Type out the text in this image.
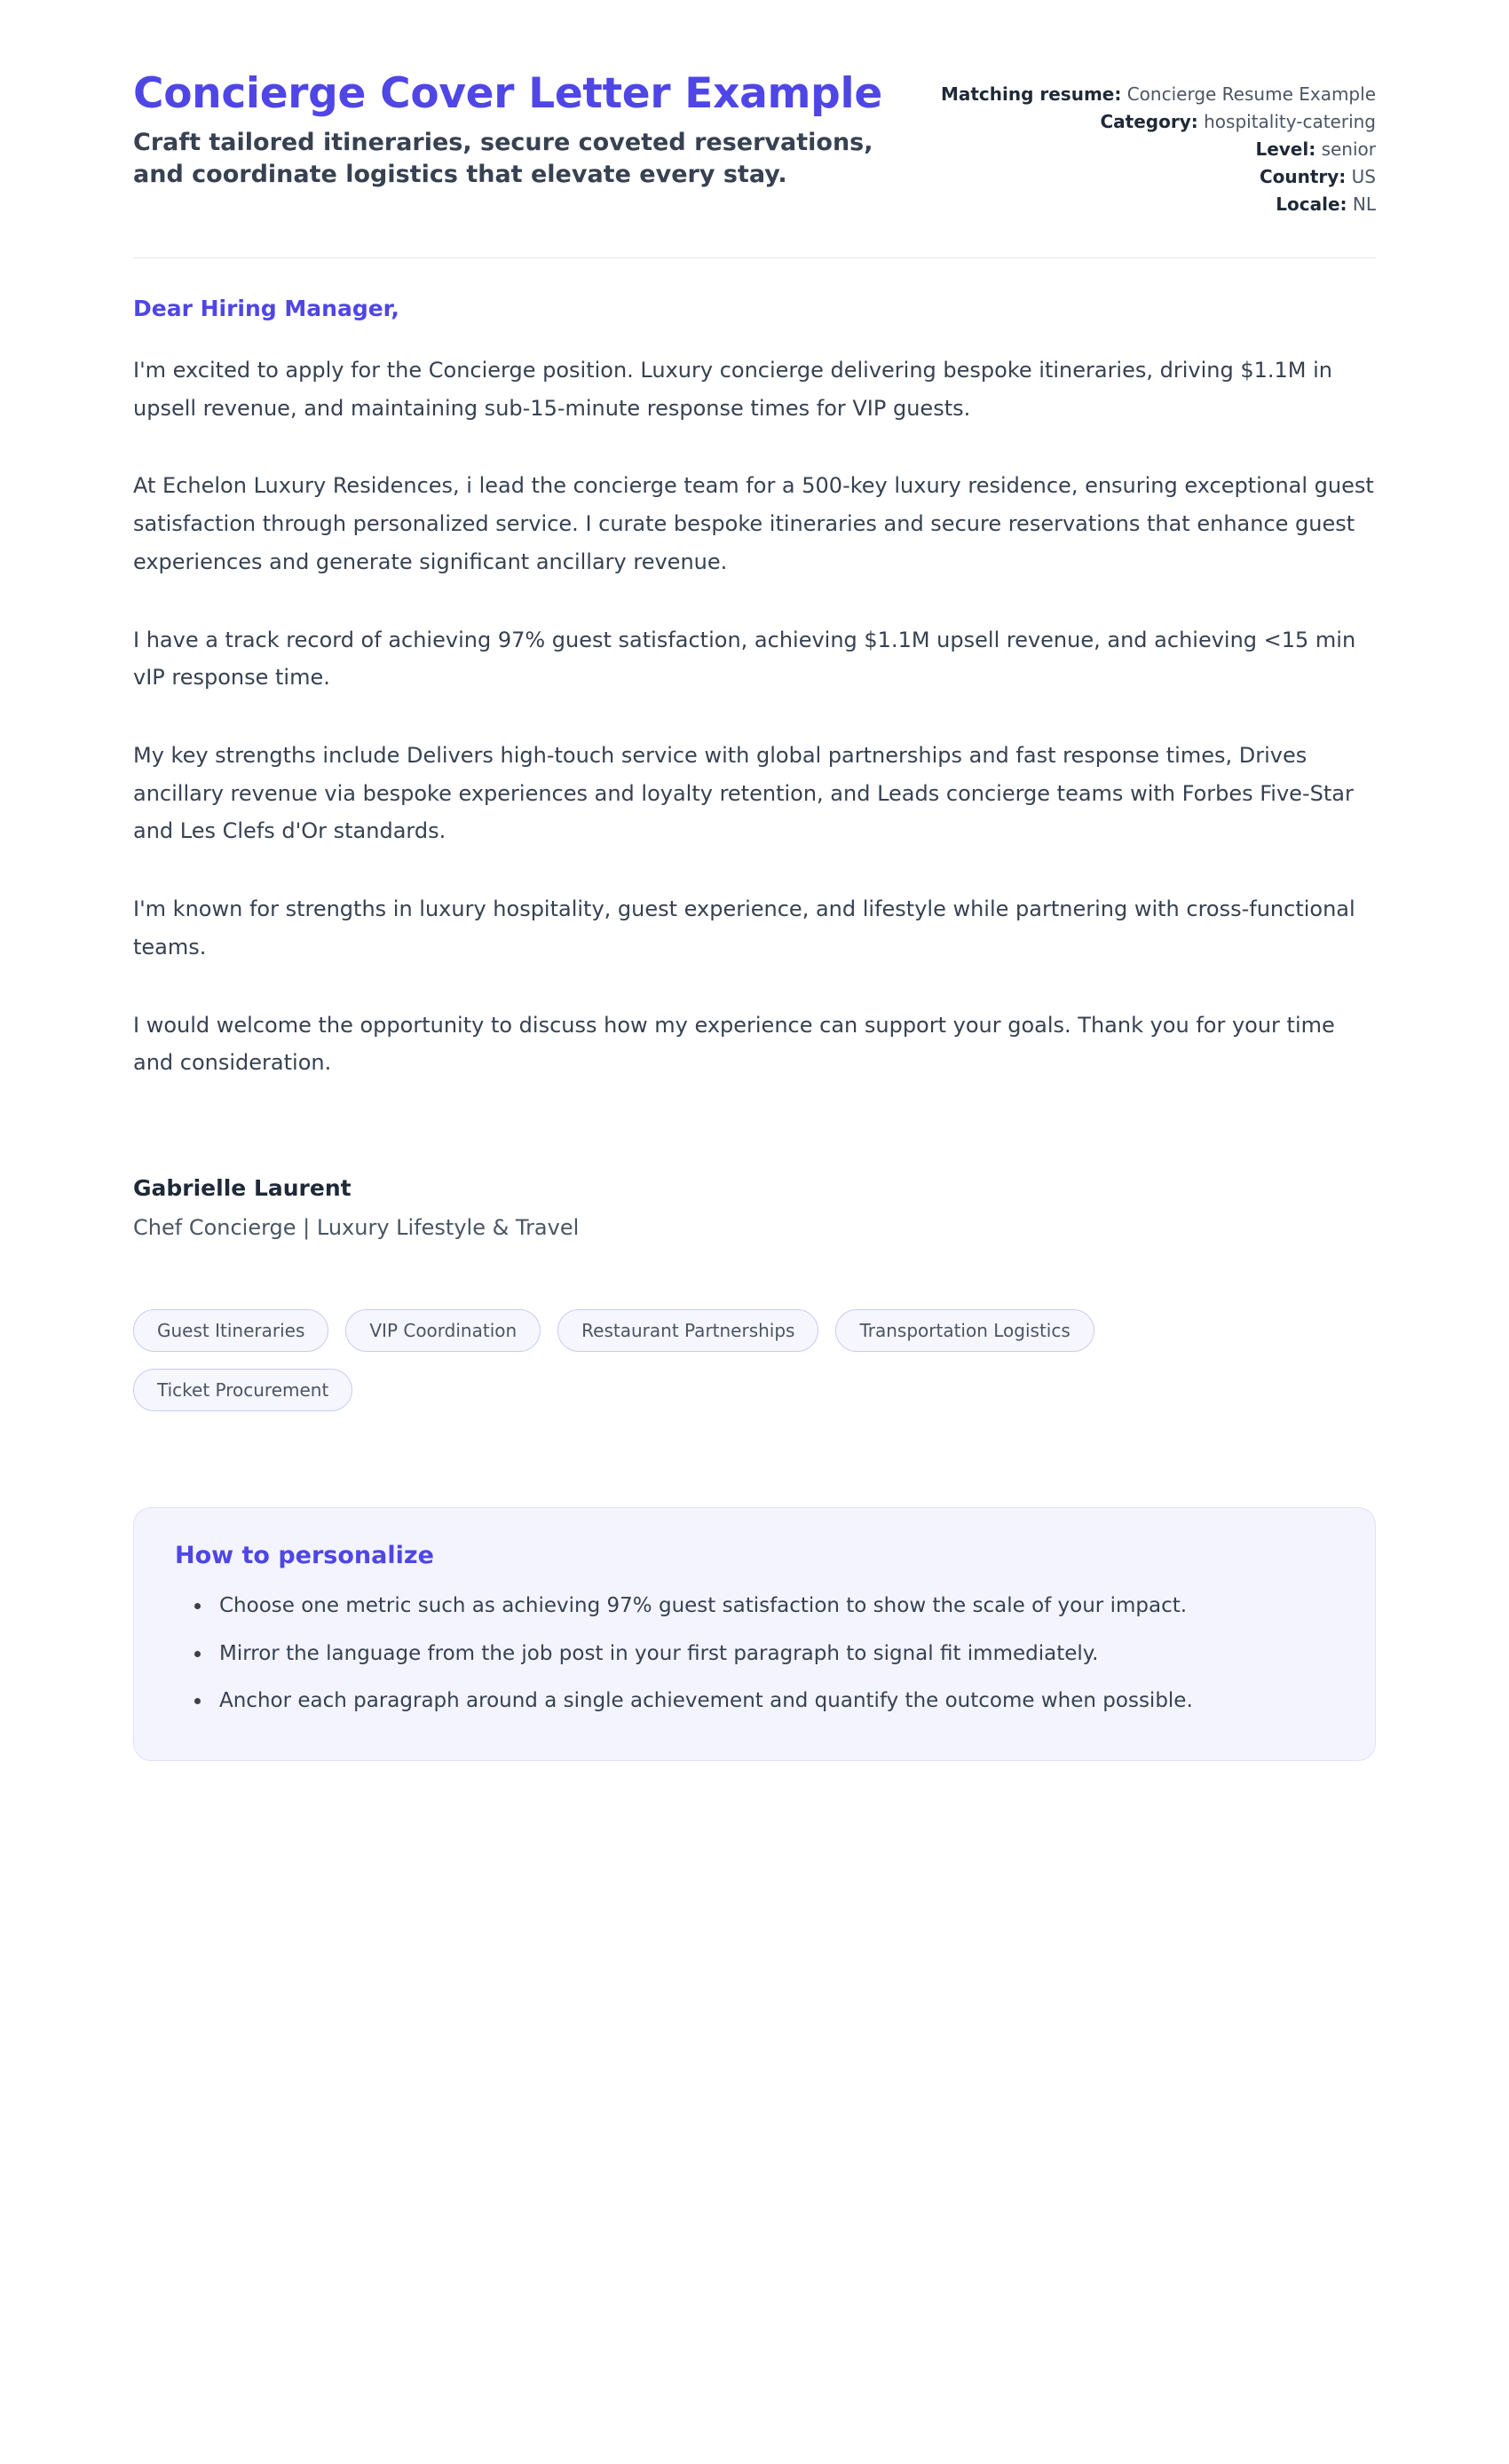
Concierge Cover Letter Example

Craft tailored itineraries, secure coveted reservations, and coordinate logistics that elevate every stay.

Matching resume: Concierge Resume Example
Category: hospitality-catering
Level: senior
Country: US
Locale: NL

Dear Hiring Manager,

I'm excited to apply for the Concierge position. Luxury concierge delivering bespoke itineraries, driving $1.1M in upsell revenue, and maintaining sub-15-minute response times for VIP guests.

At Echelon Luxury Residences, i lead the concierge team for a 500-key luxury residence, ensuring exceptional guest satisfaction through personalized service. I curate bespoke itineraries and secure reservations that enhance guest experiences and generate significant ancillary revenue.

I have a track record of achieving 97% guest satisfaction, achieving $1.1M upsell revenue, and achieving <15 min vIP response time.

My key strengths include Delivers high-touch service with global partnerships and fast response times, Drives ancillary revenue via bespoke experiences and loyalty retention, and Leads concierge teams with Forbes Five-Star and Les Clefs d'Or standards.

I'm known for strengths in luxury hospitality, guest experience, and lifestyle while partnering with cross-functional teams.

I would welcome the opportunity to discuss how my experience can support your goals. Thank you for your time and consideration.

Gabrielle Laurent

Chef Concierge | Luxury Lifestyle & Travel

Guest Itineraries	VIP Coordination	Restaurant Partnerships	Transportation Logistics
Ticket Procurement
How to personalize
• Choose one metric such as achieving 97% guest satisfaction to show the scale of your impact.
• Mirror the language from the job post in your first paragraph to signal fit immediately.
• Anchor each paragraph around a single achievement and quantify the outcome when possible.
